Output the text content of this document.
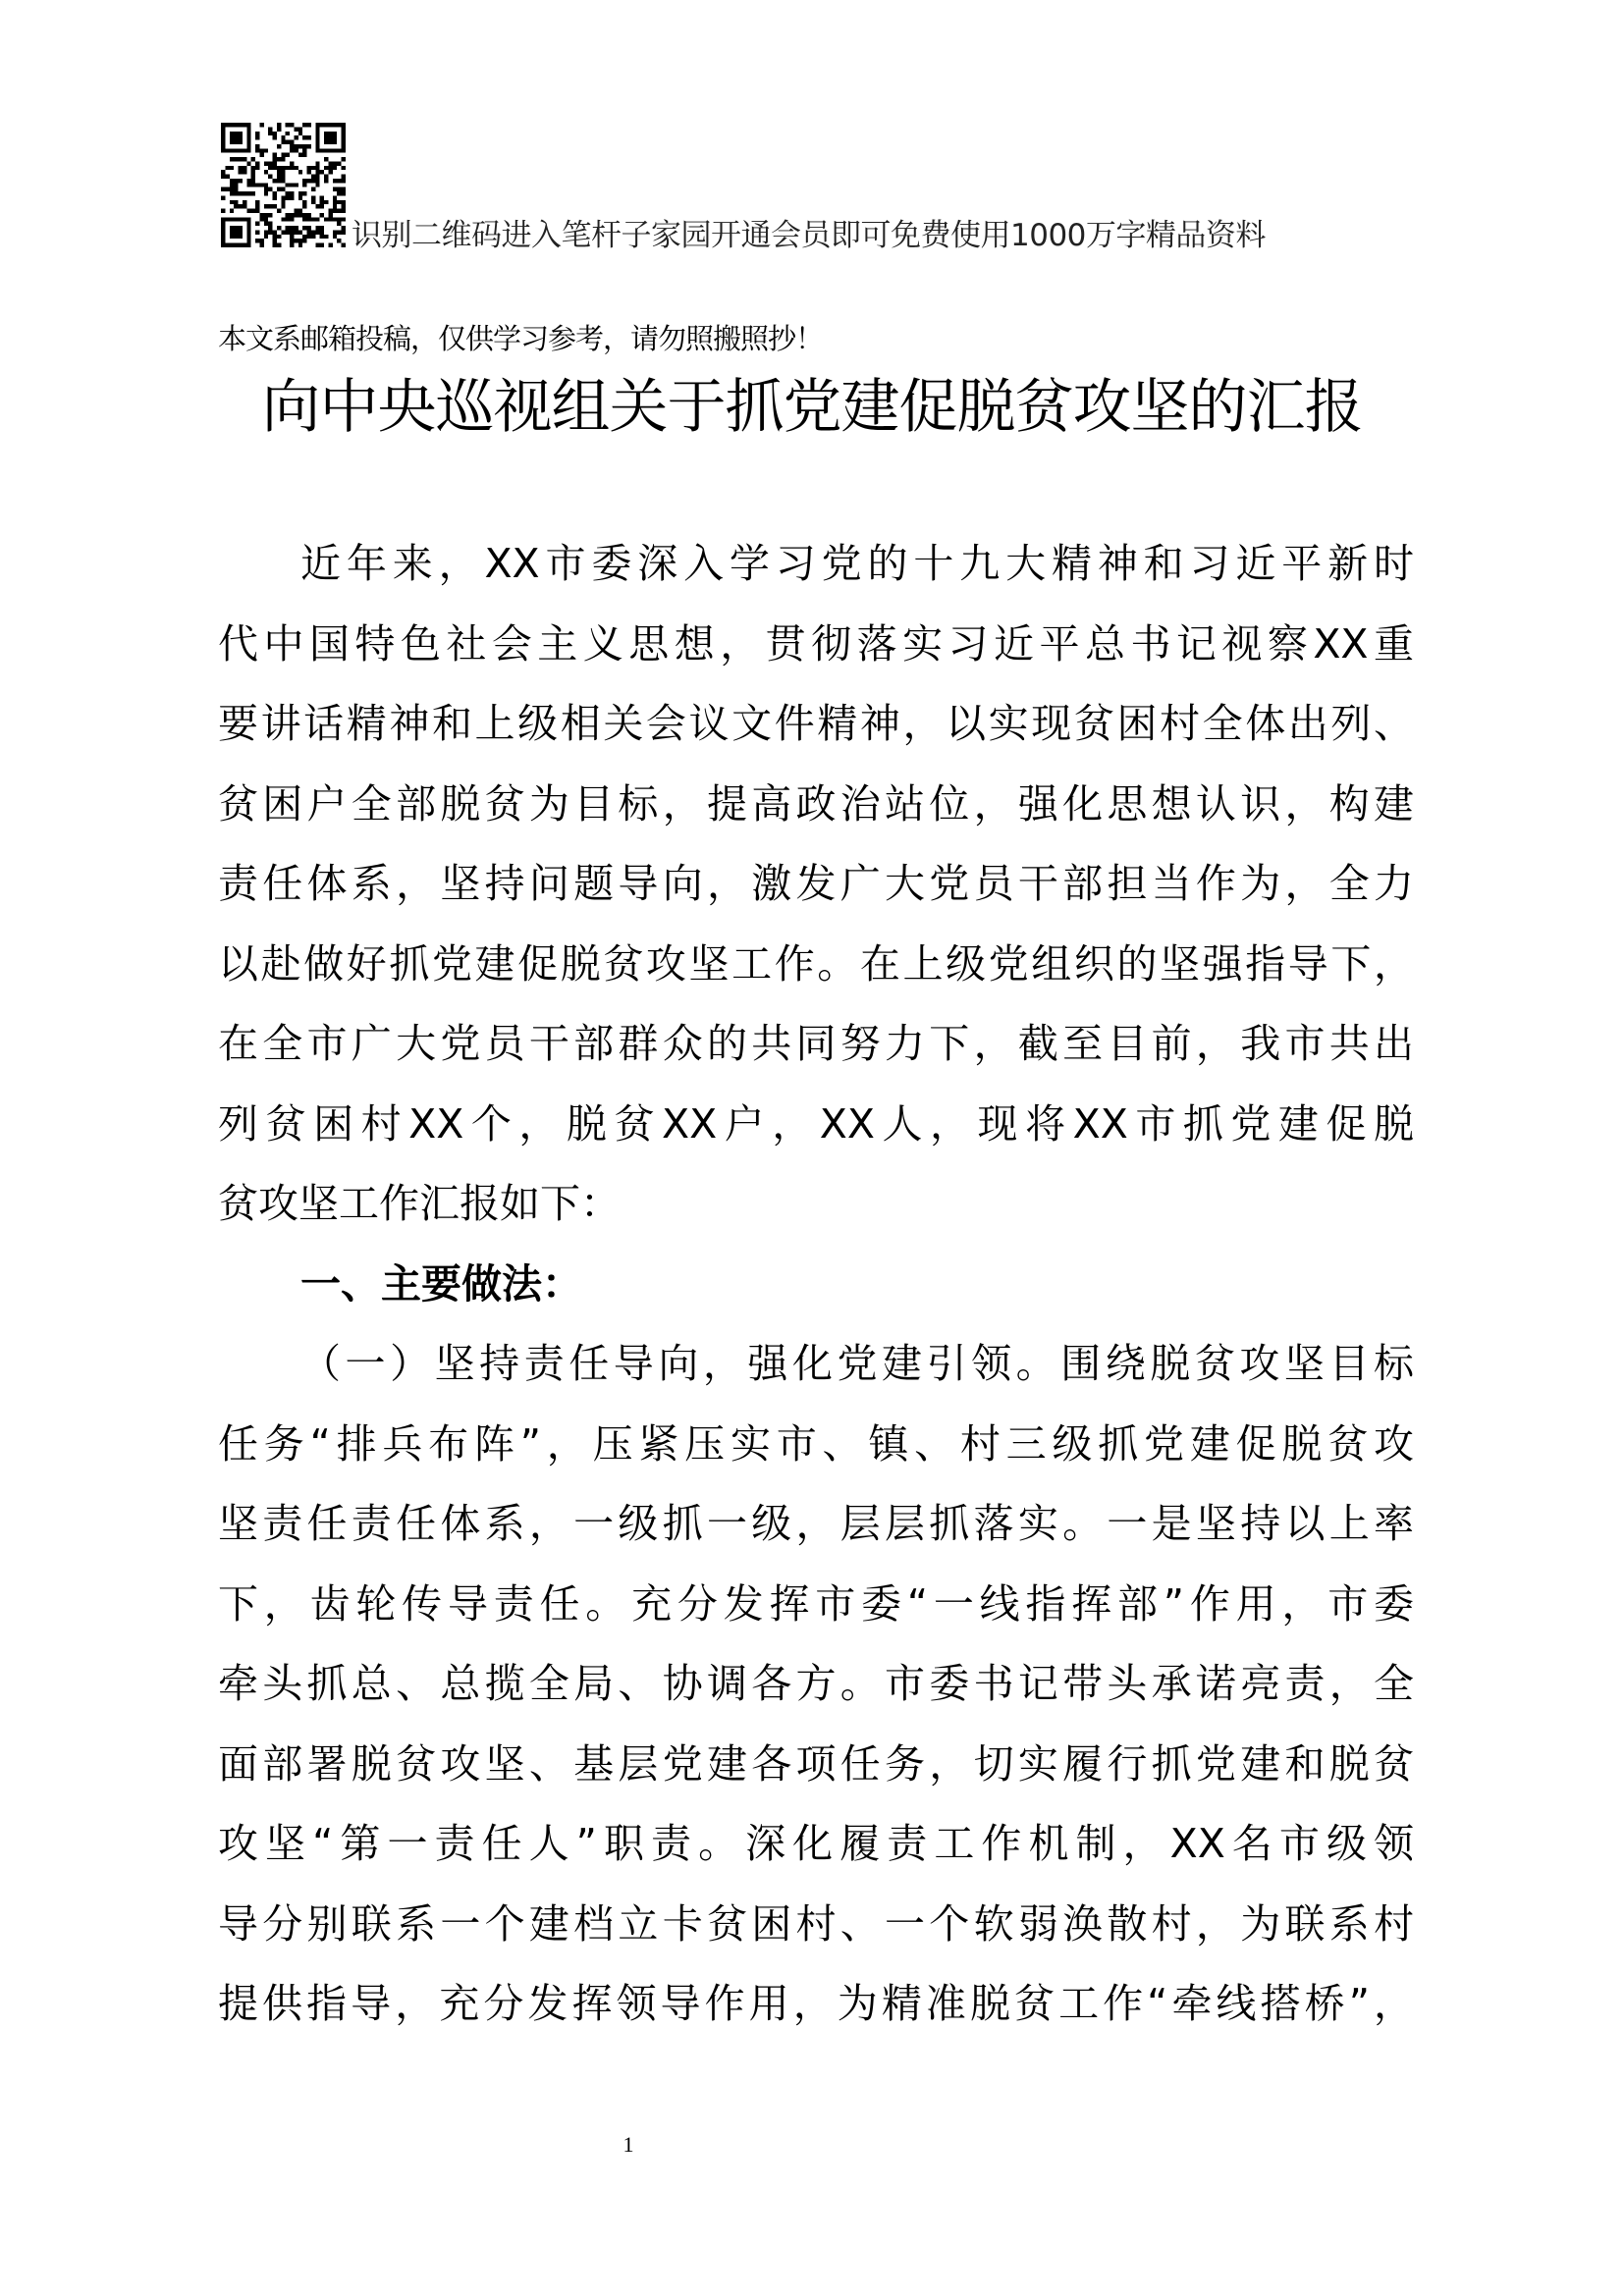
识别二维码进入笔杆子家园开通会员即可免费使用1000万字精品资料
本文系邮箱投稿，仅供学习参考，请勿照搬照抄！
向中央巡视组关于抓党建促脱贫攻坚的汇报
近年来，XX市委深入学习党的十九大精神和习近平新时
代中国特色社会主义思想，贯彻落实习近平总书记视察XX重
要讲话精神和上级相关会议文件精神，以实现贫困村全体出列、
贫困户全部脱贫为目标，提高政治站位，强化思想认识，构建
责任体系，坚持问题导向，激发广大党员干部担当作为，全力
以赴做好抓党建促脱贫攻坚工作。在上级党组织的坚强指导下，
在全市广大党员干部群众的共同努力下，截至目前，我市共出
列贫困村XX个，脱贫XX户，XX人，现将XX市抓党建促脱
贫攻坚工作汇报如下：
一、主要做法：
（一）坚持责任导向，强化党建引领。围绕脱贫攻坚目标
任务“排兵布阵”，压紧压实市、镇、村三级抓党建促脱贫攻
坚责任责任体系，一级抓一级，层层抓落实。一是坚持以上率
下，齿轮传导责任。充分发挥市委“一线指挥部”作用，市委
牵头抓总、总揽全局、协调各方。市委书记带头承诺亮责，全
面部署脱贫攻坚、基层党建各项任务，切实履行抓党建和脱贫
攻坚“第一责任人”职责。深化履责工作机制，XX名市级领
导分别联系一个建档立卡贫困村、一个软弱涣散村，为联系村
提供指导，充分发挥领导作用，为精准脱贫工作“牵线搭桥”，
1
